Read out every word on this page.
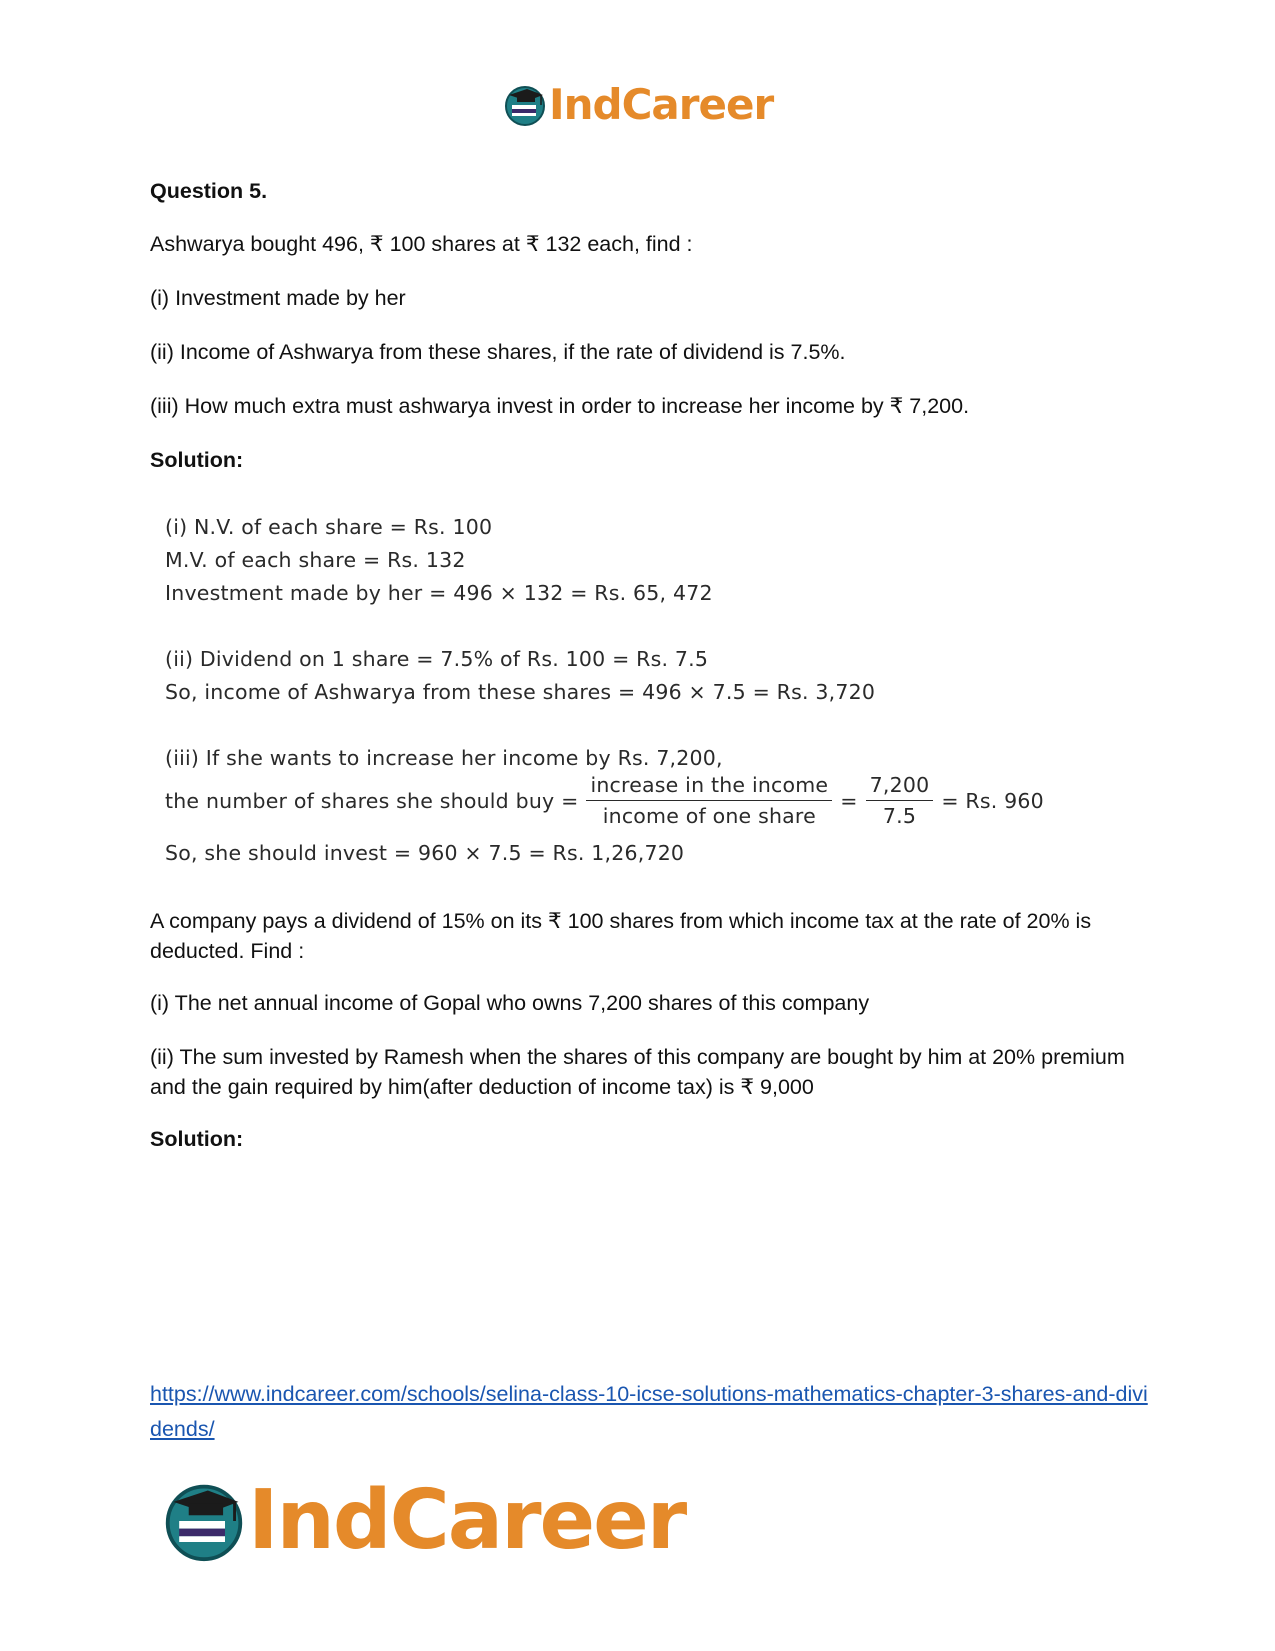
IndCareer

Question 5.

Ashwarya bought 496, ₹ 100 shares at ₹ 132 each, find :

(i) Investment made by her

(ii) Income of Ashwarya from these shares, if the rate of dividend is 7.5%.

(iii) How much extra must ashwarya invest in order to increase her income by ₹ 7,200.

Solution:

(i) N.V. of each share = Rs. 100
M.V. of each share = Rs. 132
Investment made by her = 496 × 132 = Rs. 65, 472
(ii) Dividend on 1 share = 7.5% of Rs. 100 = Rs. 7.5
So, income of Ashwarya from these shares = 496 × 7.5 = Rs. 3,720
(iii) If she wants to increase her income by Rs. 7,200,
the number of shares she should buy = $\frac{\text{increase in the income}}{\text{income of one share}} = \frac{7,200}{7.5} = Rs$. 960
So, she should invest = 960 × 7.5 = Rs. 1,26,720

A company pays a dividend of 15% on its ₹ 100 shares from which income tax at the rate of 20% is deducted. Find :

(i) The net annual income of Gopal who owns 7,200 shares of this company

(ii) The sum invested by Ramesh when the shares of this company are bought by him at 20% premium and the gain required by him(after deduction of income tax) is ₹ 9,000

Solution:

https://www.indcareer.com/schools/selina-class-10-icse-solutions-mathematics-chapter-3-shares-and-dividends/
IndCareer
